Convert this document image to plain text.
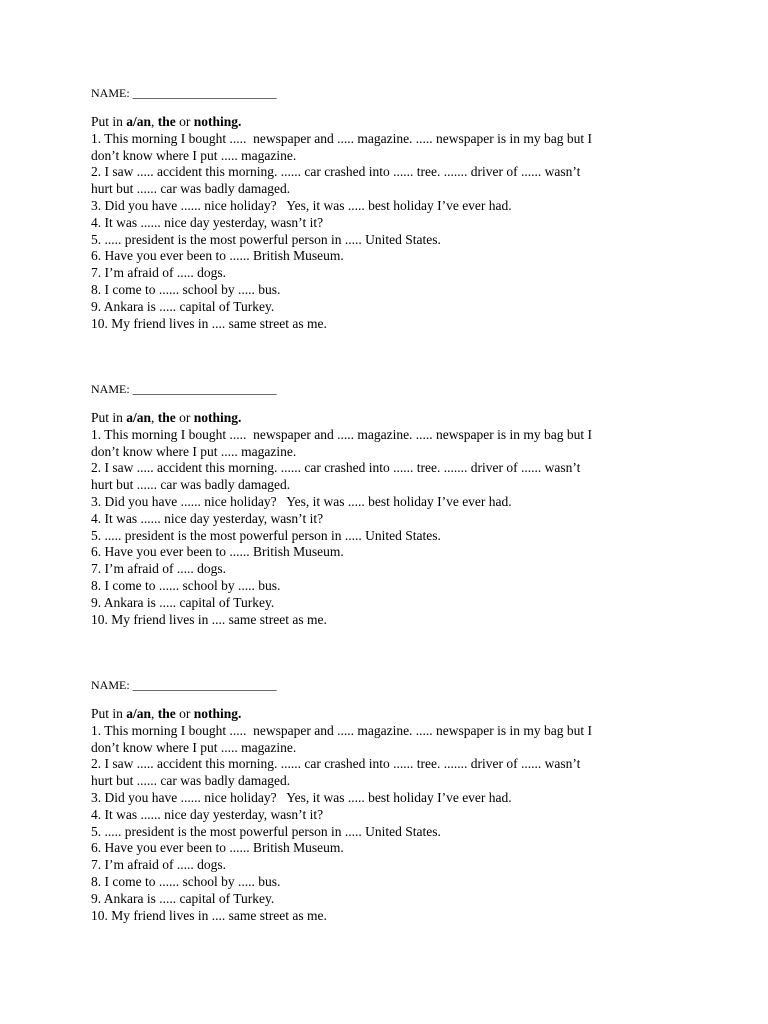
NAME: ________________________
Put in a/an, the or nothing.
1. This morning I bought .....  newspaper and ..... magazine. ..... newspaper is in my bag but I
don’t know where I put ..... magazine.
2. I saw ..... accident this morning. ...... car crashed into ...... tree. ....... driver of ...... wasn’t
hurt but ...... car was badly damaged.
3. Did you have ...... nice holiday?   Yes, it was ..... best holiday I’ve ever had.
4. It was ...... nice day yesterday, wasn’t it?
5. ..... president is the most powerful person in ..... United States.
6. Have you ever been to ...... British Museum.
7. I’m afraid of ..... dogs.
8. I come to ...... school by ..... bus.
9. Ankara is ..... capital of Turkey.
10. My friend lives in .... same street as me.
NAME: ________________________
Put in a/an, the or nothing.
1. This morning I bought .....  newspaper and ..... magazine. ..... newspaper is in my bag but I
don’t know where I put ..... magazine.
2. I saw ..... accident this morning. ...... car crashed into ...... tree. ....... driver of ...... wasn’t
hurt but ...... car was badly damaged.
3. Did you have ...... nice holiday?   Yes, it was ..... best holiday I’ve ever had.
4. It was ...... nice day yesterday, wasn’t it?
5. ..... president is the most powerful person in ..... United States.
6. Have you ever been to ...... British Museum.
7. I’m afraid of ..... dogs.
8. I come to ...... school by ..... bus.
9. Ankara is ..... capital of Turkey.
10. My friend lives in .... same street as me.
NAME: ________________________
Put in a/an, the or nothing.
1. This morning I bought .....  newspaper and ..... magazine. ..... newspaper is in my bag but I
don’t know where I put ..... magazine.
2. I saw ..... accident this morning. ...... car crashed into ...... tree. ....... driver of ...... wasn’t
hurt but ...... car was badly damaged.
3. Did you have ...... nice holiday?   Yes, it was ..... best holiday I’ve ever had.
4. It was ...... nice day yesterday, wasn’t it?
5. ..... president is the most powerful person in ..... United States.
6. Have you ever been to ...... British Museum.
7. I’m afraid of ..... dogs.
8. I come to ...... school by ..... bus.
9. Ankara is ..... capital of Turkey.
10. My friend lives in .... same street as me.
